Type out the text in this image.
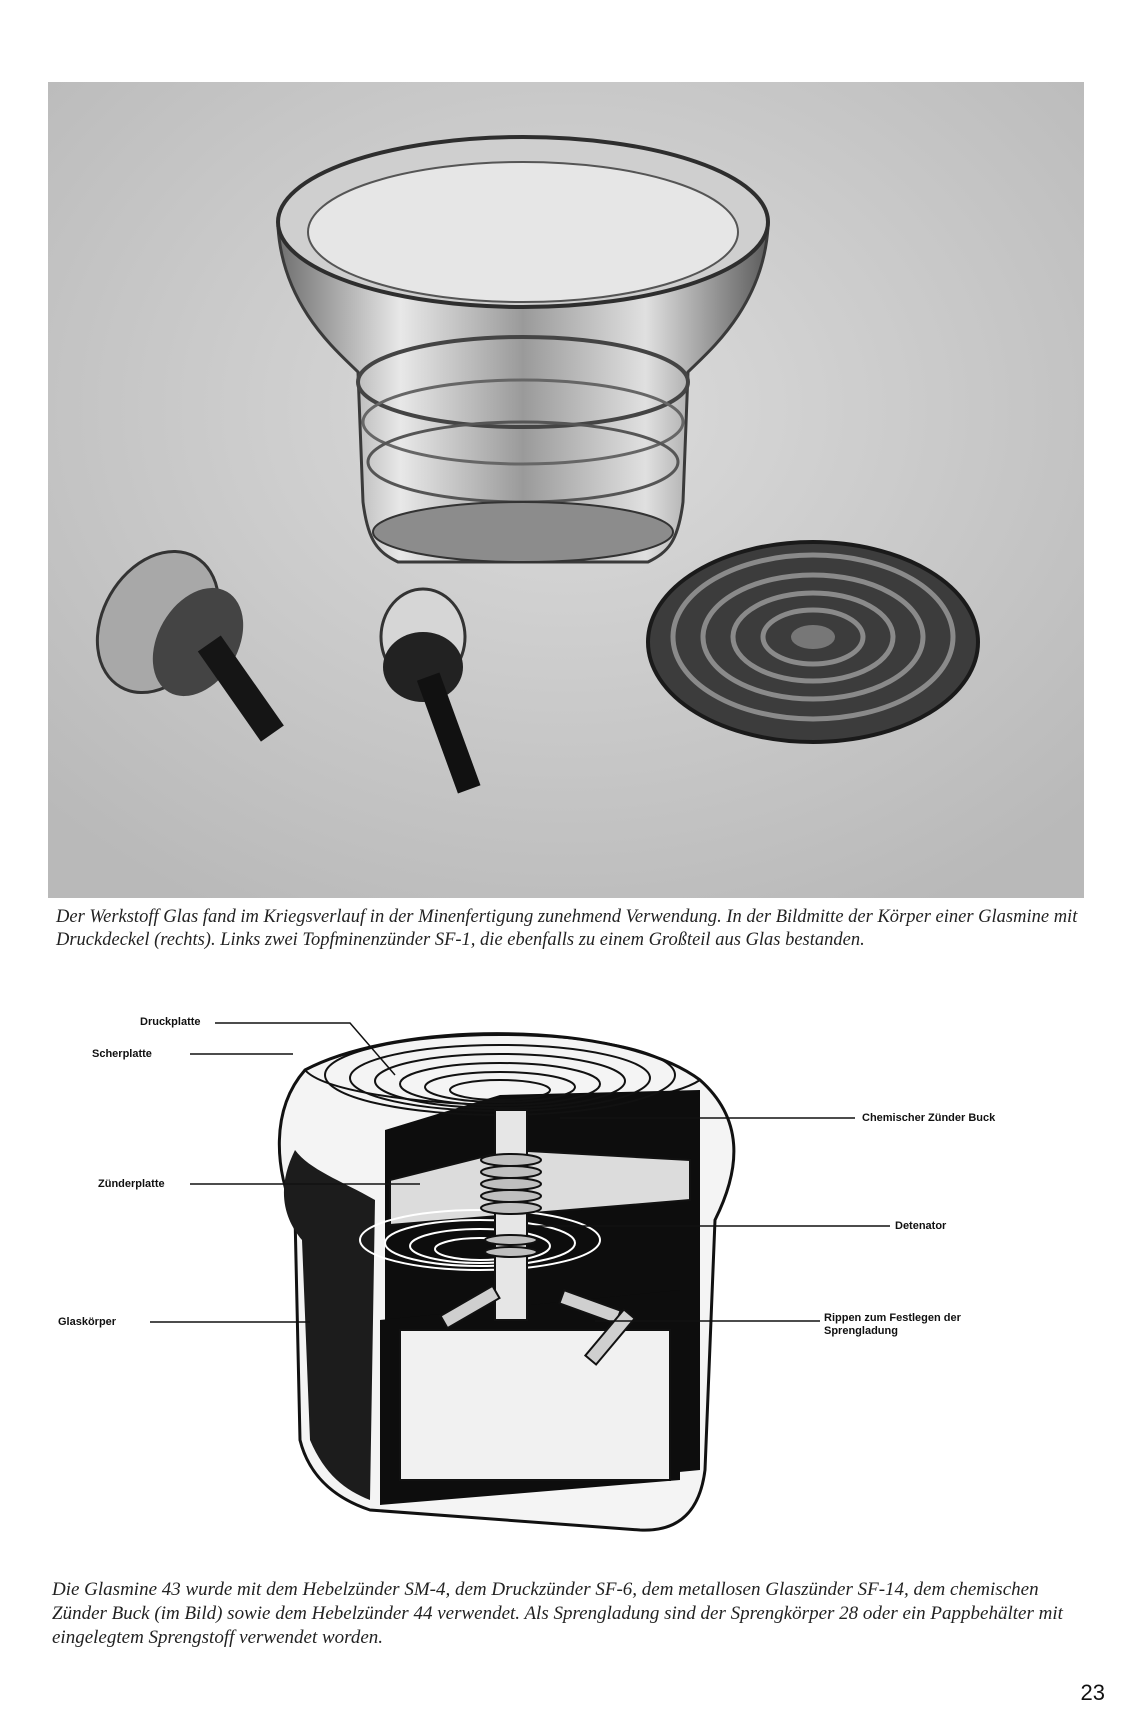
Der Werkstoff Glas fand im Kriegsverlauf in der Minenfertigung zunehmend Verwendung. In der Bildmitte der Körper einer Glasmine mit Druckdeckel (rechts). Links zwei Topfminenzünder SF-1, die ebenfalls zu einem Großteil aus Glas bestanden.
Druckplatte
Scherplatte
Zünderplatte
Glaskörper
Chemischer Zünder Buck
Detenator
Rippen zum Festlegen der
Sprengladung
Die Glasmine 43 wurde mit dem Hebelzünder SM-4, dem Druckzünder SF-6, dem metallosen Glaszünder SF-14, dem chemischen Zünder Buck (im Bild) sowie dem Hebelzünder 44 verwendet. Als Sprengladung sind der Sprengkörper 28 oder ein Pappbehälter mit eingelegtem Sprengstoff verwendet worden.
23
